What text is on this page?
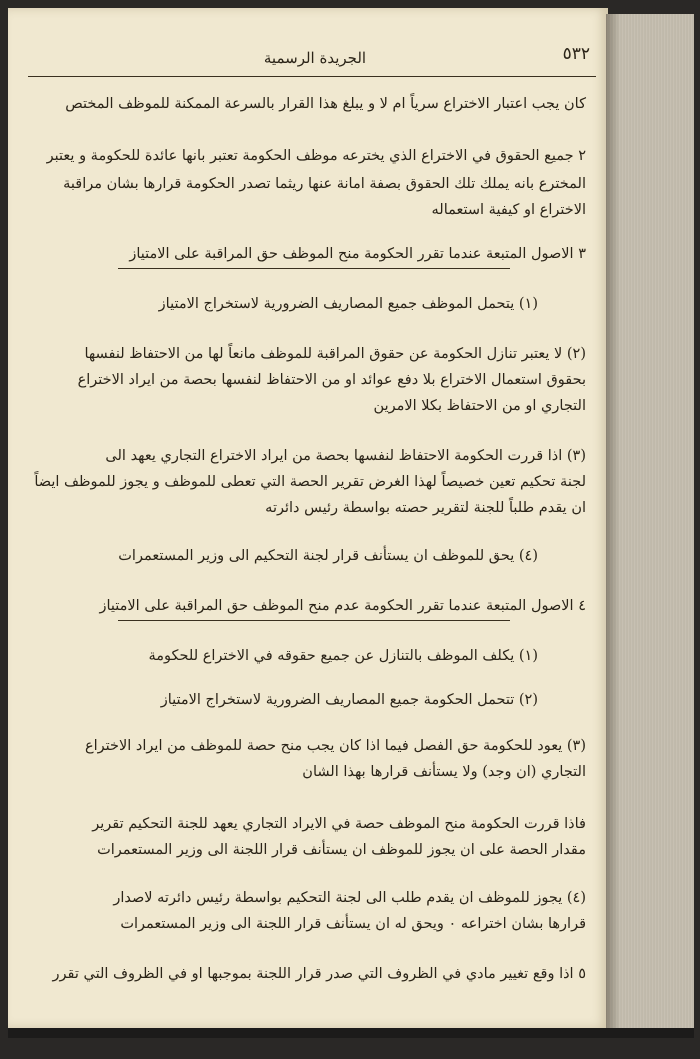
٥٣٢
الجريدة الرسمية
كان يجب اعتبار الاختراع سرياً ام لا و يبلغ هذا القرار بالسرعة الممكنة للموظف المختص
٢ جميع الحقوق في الاختراع الذي يخترعه موظف الحكومة تعتبر بانها عائدة للحكومة و يعتبر
المخترع بانه يملك تلك الحقوق بصفة امانة عنها ريثما تصدر الحكومة قرارها بشان مراقبة
الاختراع او كيفية استعماله
٣ الاصول المتبعة عندما تقرر الحكومة منح الموظف حق المراقبة على الامتياز
(١) يتحمل الموظف جميع المصاريف الضرورية لاستخراج الامتياز
(٢) لا يعتبر تنازل الحكومة عن حقوق المراقبة للموظف مانعاً لها من الاحتفاظ لنفسها
بحقوق استعمال الاختراع بلا دفع عوائد او من الاحتفاظ لنفسها بحصة من ايراد الاختراع
التجاري او من الاحتفاظ بكلا الامرين
(٣) اذا قررت الحكومة الاحتفاظ لنفسها بحصة من ايراد الاختراع التجاري يعهد الى
لجنة تحكيم تعين خصيصاً لهذا الغرض تقرير الحصة التي تعطى للموظف و يجوز للموظف ايضاً
ان يقدم طلباً للجنة لتقرير حصته بواسطة رئيس دائرته
(٤) يحق للموظف ان يستأنف قرار لجنة التحكيم الى وزير المستعمرات
٤ الاصول المتبعة عندما تقرر الحكومة عدم منح الموظف حق المراقبة على الامتياز
(١) يكلف الموظف بالتنازل عن جميع حقوقه في الاختراع للحكومة
(٢) تتحمل الحكومة جميع المصاريف الضرورية لاستخراج الامتياز
(٣) يعود للحكومة حق الفصل فيما اذا كان يجب منح حصة للموظف من ايراد الاختراع
التجاري (ان وجد) ولا يستأنف قرارها بهذا الشان
فاذا قررت الحكومة منح الموظف حصة في الايراد التجاري يعهد للجنة التحكيم تقرير
مقدار الحصة على ان يجوز للموظف ان يستأنف قرار اللجنة الى وزير المستعمرات
(٤) يجوز للموظف ان يقدم طلب الى لجنة التحكيم بواسطة رئيس دائرته لاصدار
قرارها بشان اختراعه ٠ ويحق له ان يستأنف قرار اللجنة الى وزير المستعمرات
٥ اذا وقع تغيير مادي في الظروف التي صدر قرار اللجنة بموجبها او في الظروف التي تقرر
